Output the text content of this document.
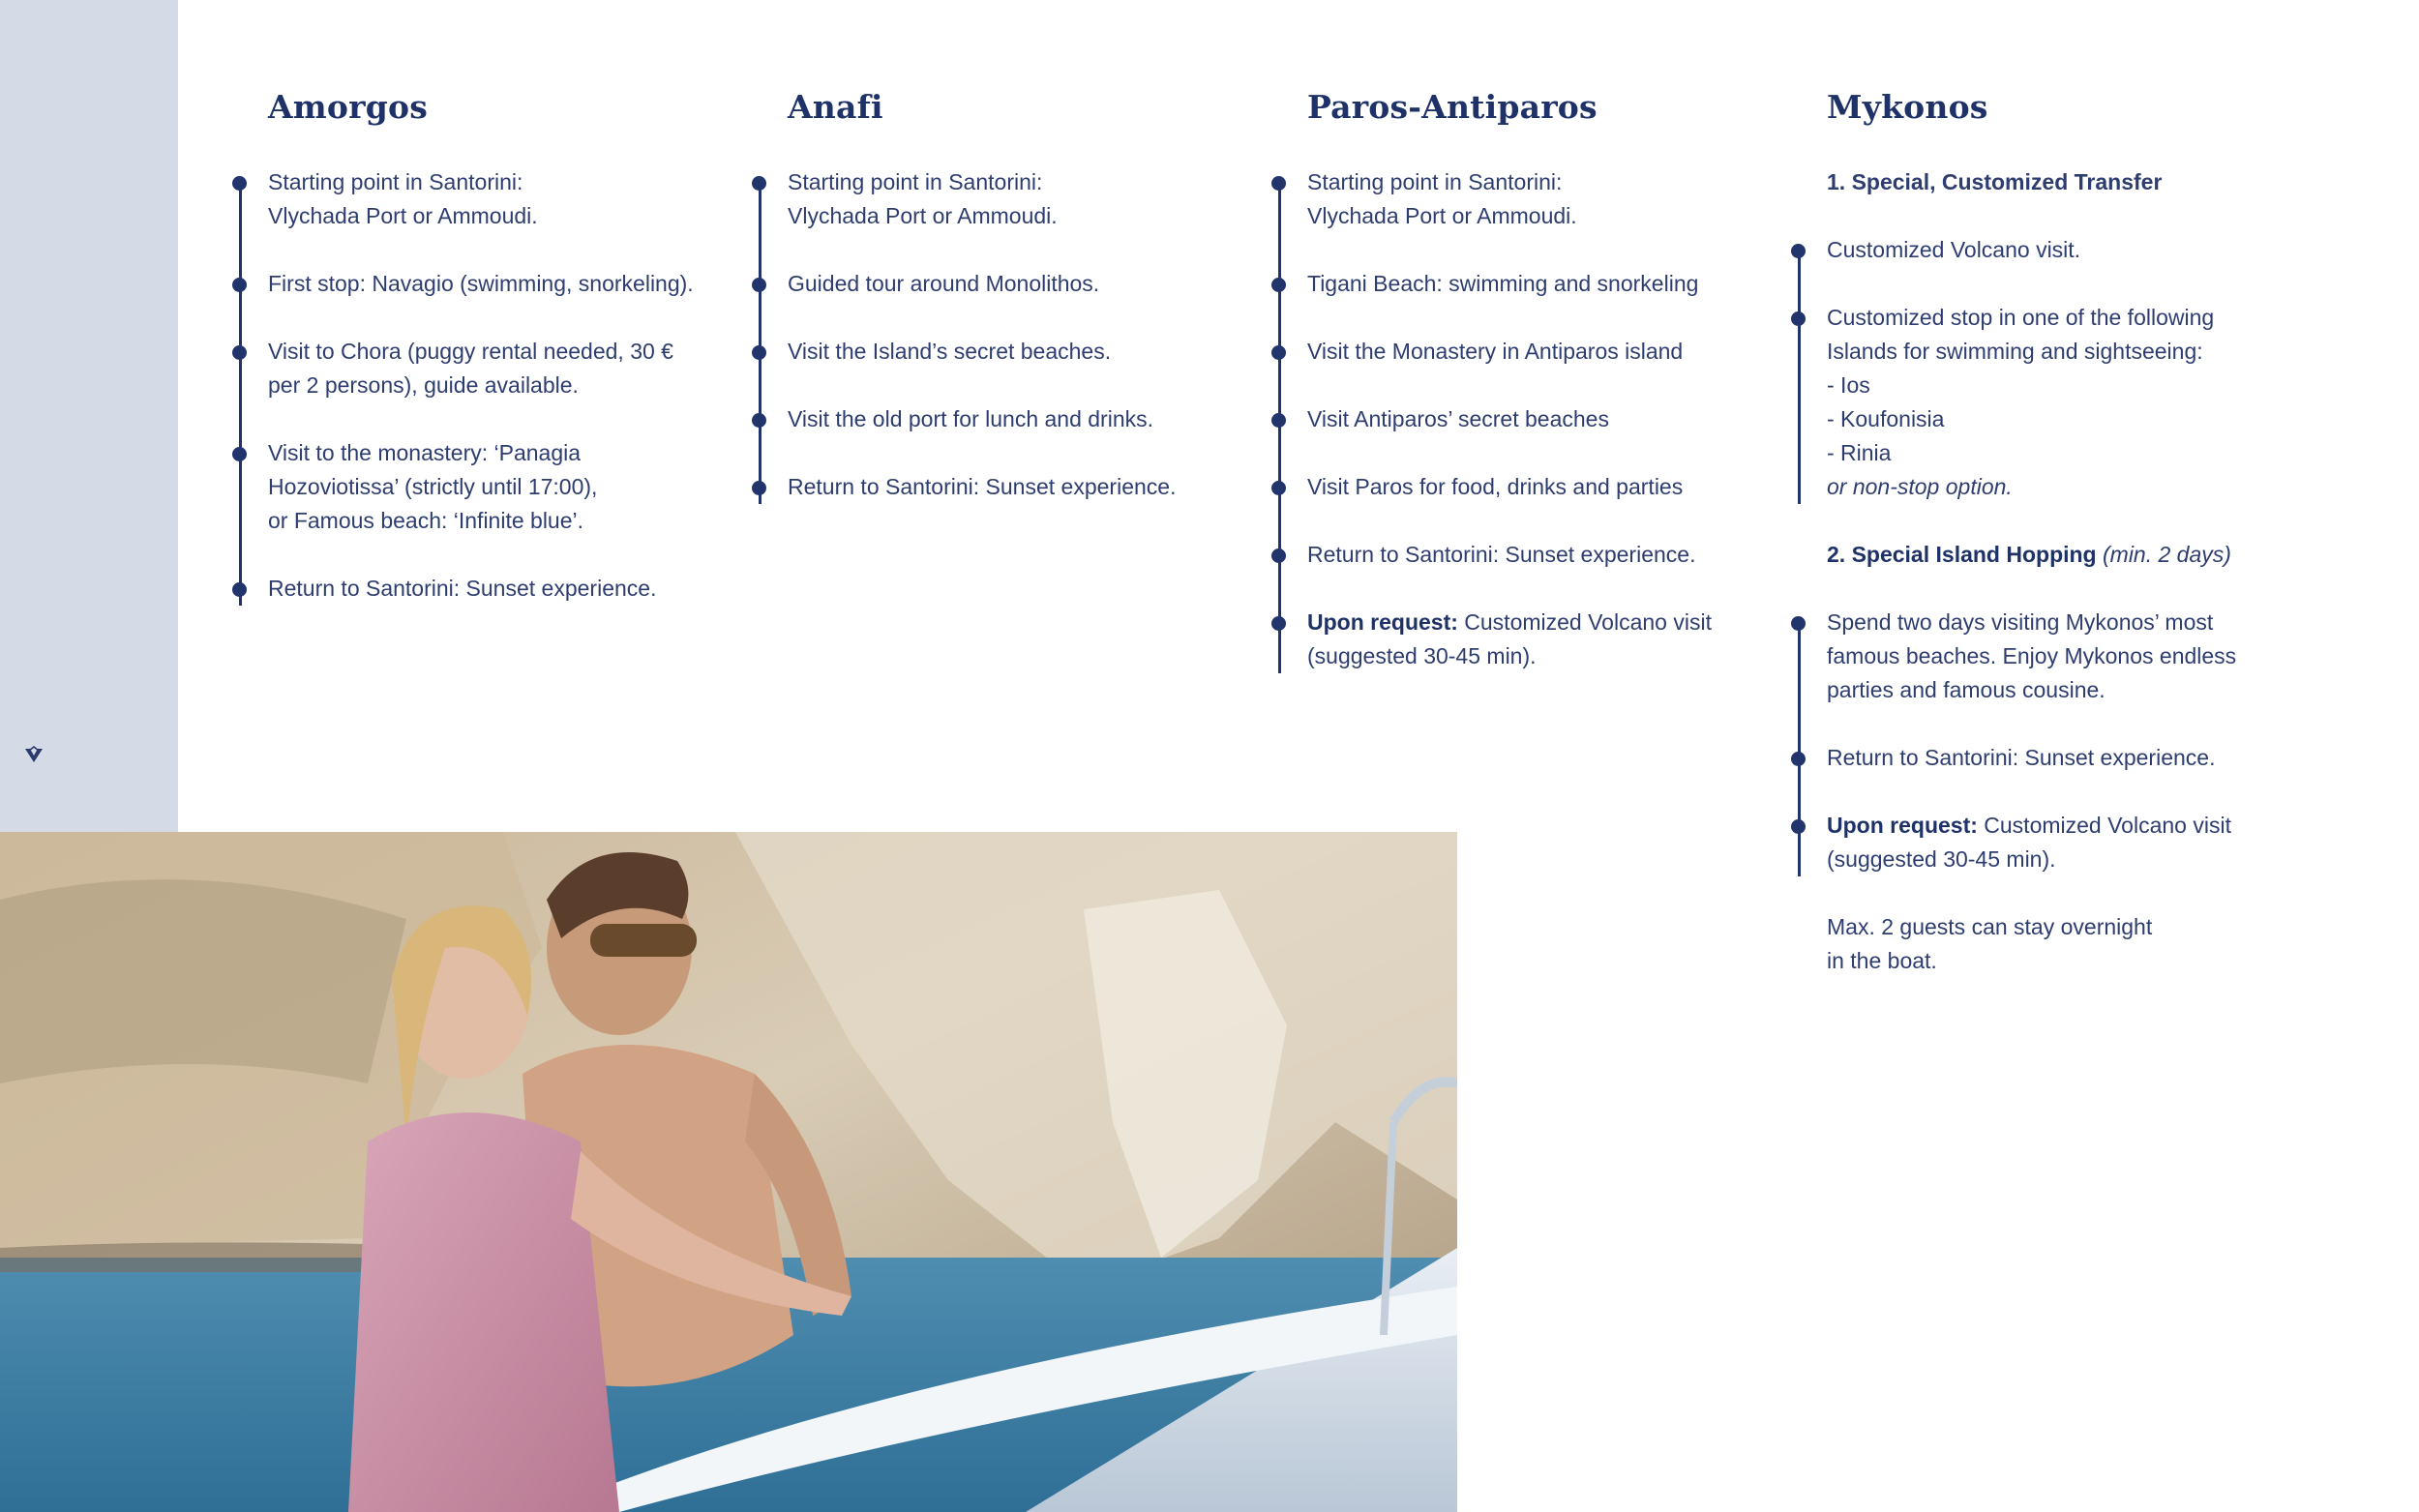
Amorgos
Starting point in Santorini:
Vlychada Port or Ammoudi.
First stop: Navagio (swimming, snorkeling).
Visit to Chora (puggy rental needed, 30 €
per 2 persons), guide available.
Visit to the monastery: ‘Panagia
Hozoviotissa’ (strictly until 17:00),
or Famous beach: ‘Infinite blue’.
Return to Santorini: Sunset experience.
Anafi
Starting point in Santorini:
Vlychada Port or Ammoudi.
Guided tour around Monolithos.
Visit the Island’s secret beaches.
Visit the old port for lunch and drinks.
Return to Santorini: Sunset experience.
Paros-Antiparos
Starting point in Santorini:
Vlychada Port or Ammoudi.
Tigani Beach: swimming and snorkeling
Visit the Monastery in Antiparos island
Visit Antiparos’ secret beaches
Visit Paros for food, drinks and parties
Return to Santorini: Sunset experience.
Upon request: Customized Volcano visit
(suggested 30-45 min).
Mykonos

1. Special, Customized Transfer

Customized Volcano visit.
Customized stop in one of the following
Islands for swimming and sightseeing:
- Ios
- Koufonisia
- Rinia
or non-stop option.

2. Special Island Hopping (min. 2 days)

Spend two days visiting Mykonos’ most
famous beaches. Enjoy Mykonos endless
parties and famous cousine.
Return to Santorini: Sunset experience.
Upon request: Customized Volcano visit
(suggested 30-45 min).

Max. 2 guests can stay overnight
in the boat.
